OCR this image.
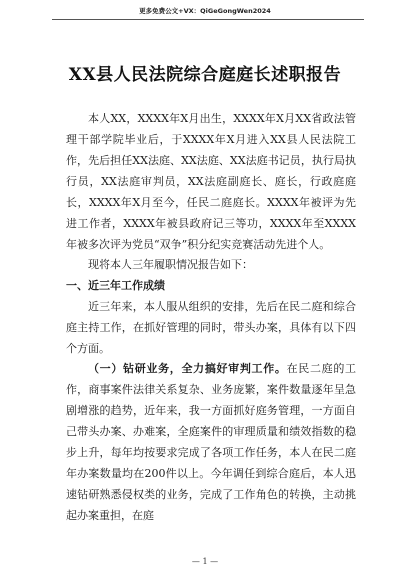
更多免费公文+VX：QiGeGongWen2024
XX县人民法院综合庭庭长述职报告

本人XX，XXXX年X月出生，XXXX年X月XX省政法管理干部学院毕业后，于XXXX年X月进入XX县人民法院工作，先后担任XX法庭、XX法庭、XX法庭书记员，执行局执行员，XX法庭审判员，XX法庭副庭长、庭长，行政庭庭长，XXXX年X月至今，任民二庭庭长。XXXX年被评为先进工作者，XXXX年被县政府记三等功，XXXX年至XXXX年被多次评为党员“双争”积分纪实竞赛活动先进个人。

现将本人三年履职情况报告如下：

一、近三年工作成绩

近三年来，本人服从组织的安排，先后在民二庭和综合庭主持工作，在抓好管理的同时，带头办案，具体有以下四个方面。

（一）钻研业务，全力搞好审判工作。在民二庭的工作，商事案件法律关系复杂、业务庞繁，案件数量逐年呈急剧增涨的趋势，近年来，我一方面抓好庭务管理，一方面自己带头办案、办难案，全庭案件的审理质量和绩效指数的稳步上升，每年均按要求完成了各项工作任务，本人在民二庭年办案数量均在200件以上。今年调任到综合庭后，本人迅速钻研熟悉侵权类的业务，完成了工作角色的转换，主动挑起办案重担，在庭

— 1 —
